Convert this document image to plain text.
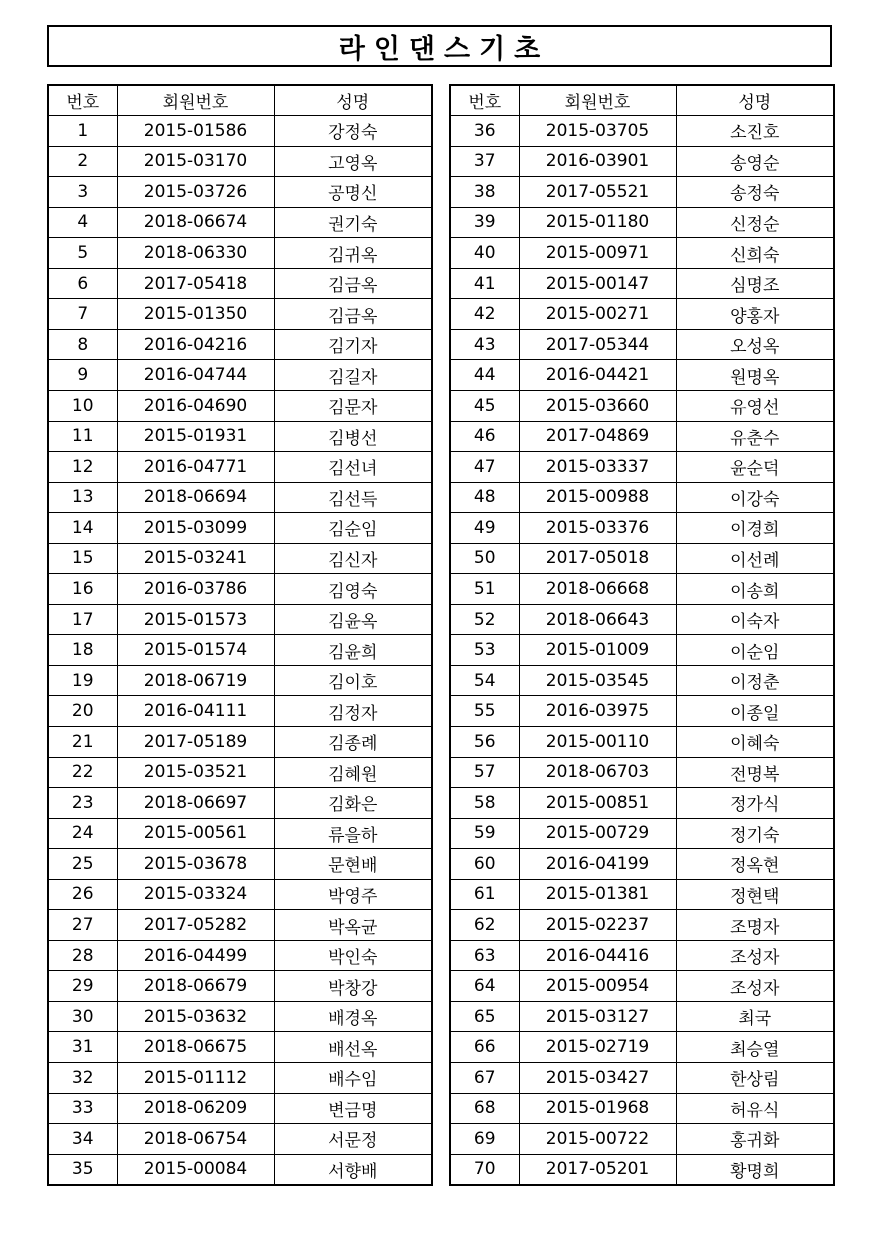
라인댄스기초
번호	회원번호	성명
1	2015-01586	강정숙
2	2015-03170	고영옥
3	2015-03726	공명신
4	2018-06674	권기숙
5	2018-06330	김귀옥
6	2017-05418	김금옥
7	2015-01350	김금옥
8	2016-04216	김기자
9	2016-04744	김길자
10	2016-04690	김문자
11	2015-01931	김병선
12	2016-04771	김선녀
13	2018-06694	김선득
14	2015-03099	김순임
15	2015-03241	김신자
16	2016-03786	김영숙
17	2015-01573	김윤옥
18	2015-01574	김윤희
19	2018-06719	김이호
20	2016-04111	김정자
21	2017-05189	김종례
22	2015-03521	김혜원
23	2018-06697	김화은
24	2015-00561	류을하
25	2015-03678	문현배
26	2015-03324	박영주
27	2017-05282	박옥균
28	2016-04499	박인숙
29	2018-06679	박창강
30	2015-03632	배경옥
31	2018-06675	배선옥
32	2015-01112	배수임
33	2018-06209	변금명
34	2018-06754	서문정
35	2015-00084	서향배
번호	회원번호	성명
36	2015-03705	소진호
37	2016-03901	송영순
38	2017-05521	송정숙
39	2015-01180	신정순
40	2015-00971	신희숙
41	2015-00147	심명조
42	2015-00271	양홍자
43	2017-05344	오성옥
44	2016-04421	원명옥
45	2015-03660	유영선
46	2017-04869	유춘수
47	2015-03337	윤순덕
48	2015-00988	이강숙
49	2015-03376	이경희
50	2017-05018	이선례
51	2018-06668	이송희
52	2018-06643	이숙자
53	2015-01009	이순임
54	2015-03545	이정춘
55	2016-03975	이종일
56	2015-00110	이혜숙
57	2018-06703	전명복
58	2015-00851	정가식
59	2015-00729	정기숙
60	2016-04199	정옥현
61	2015-01381	정현택
62	2015-02237	조명자
63	2016-04416	조성자
64	2015-00954	조성자
65	2015-03127	최국
66	2015-02719	최승열
67	2015-03427	한상림
68	2015-01968	허유식
69	2015-00722	홍귀화
70	2017-05201	황명희
